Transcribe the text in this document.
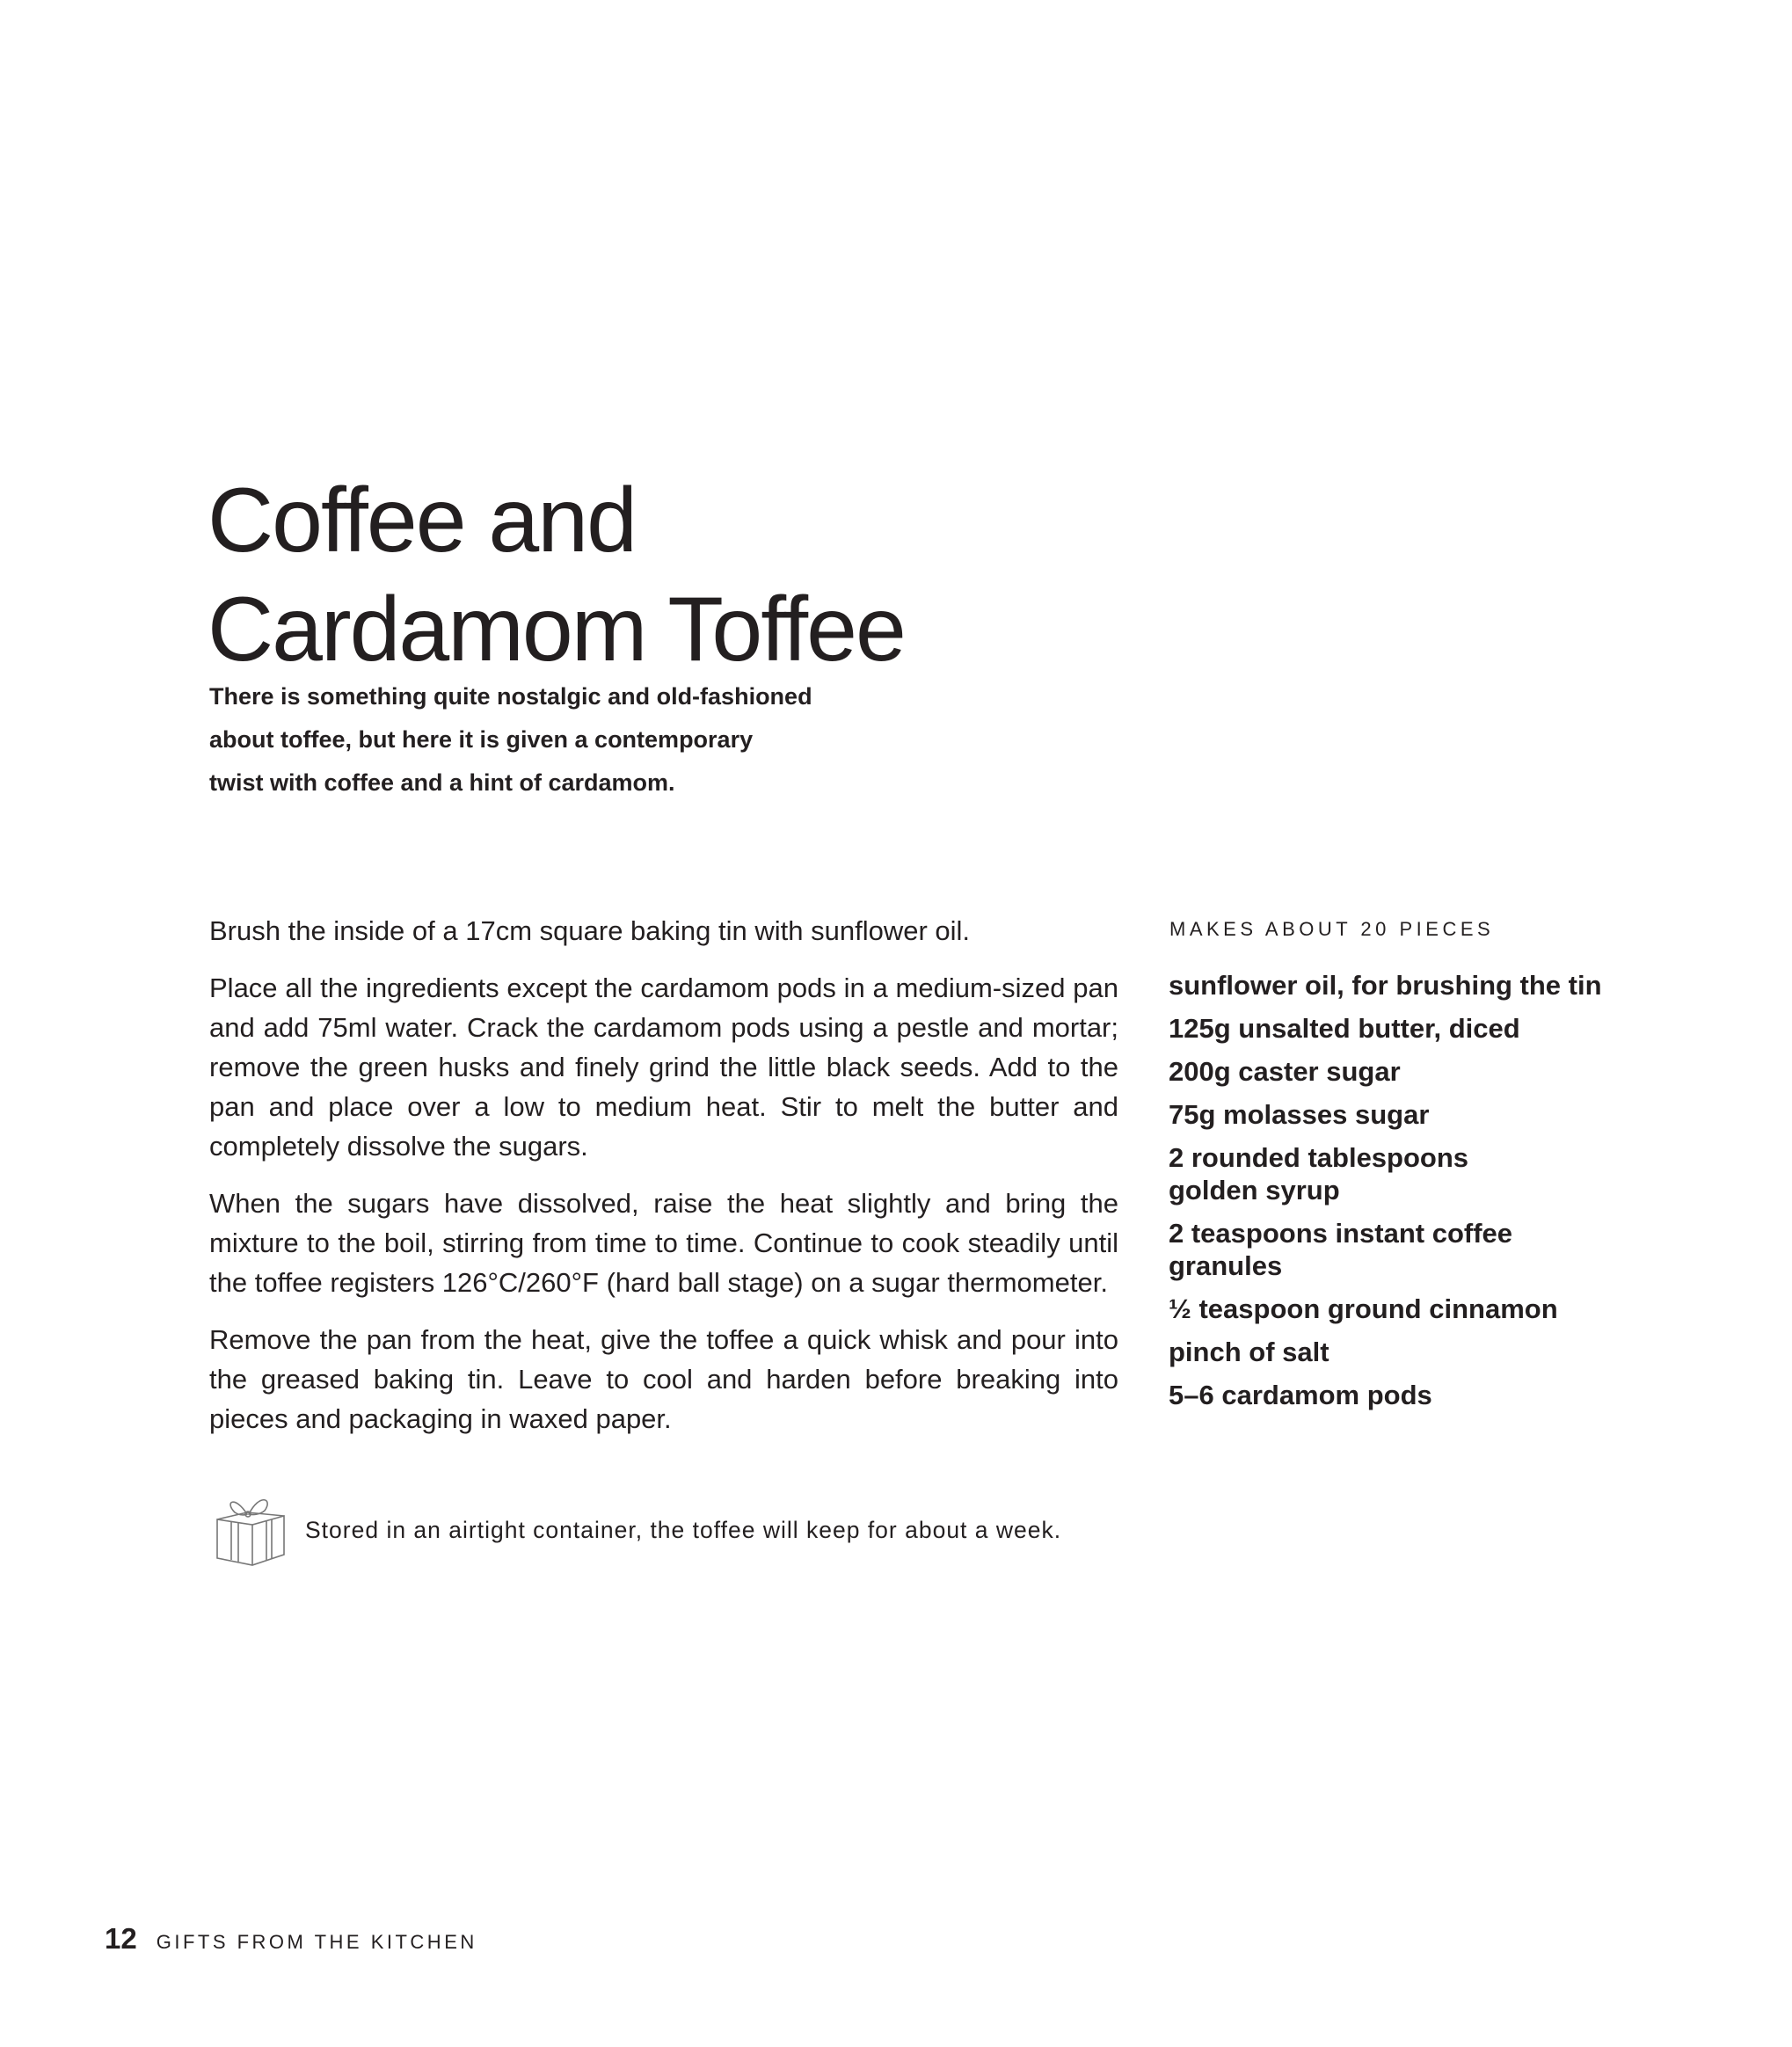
Coffee and
Cardamom Toffee
There is something quite nostalgic and old-fashioned
about toffee, but here it is given a contemporary
twist with coffee and a hint of cardamom.

Brush the inside of a 17cm square baking tin with sunflower oil.

Place all the ingredients except the cardamom pods in a medium-sized pan and add 75ml water. Crack the cardamom pods using a pestle and mortar; remove the green husks and finely grind the little black seeds. Add to the pan and place over a low to medium heat. Stir to melt the butter and completely dissolve the sugars.

When the sugars have dissolved, raise the heat slightly and bring the mixture to the boil, stirring from time to time. Continue to cook steadily until the toffee registers 126°C/260°F (hard ball stage) on a sugar thermometer.

Remove the pan from the heat, give the toffee a quick whisk and pour into the greased baking tin. Leave to cool and harden before breaking into pieces and packaging in waxed paper.

Stored in an airtight container, the toffee will keep for about a week.
MAKES ABOUT 20 PIECES
sunflower oil, for brushing the tin
125g unsalted butter, diced
200g caster sugar
75g molasses sugar
2 rounded tablespoons golden syrup
2 teaspoons instant coffee granules
½ teaspoon ground cinnamon
pinch of salt
5–6 cardamom pods
12 GIFTS FROM THE KITCHEN
